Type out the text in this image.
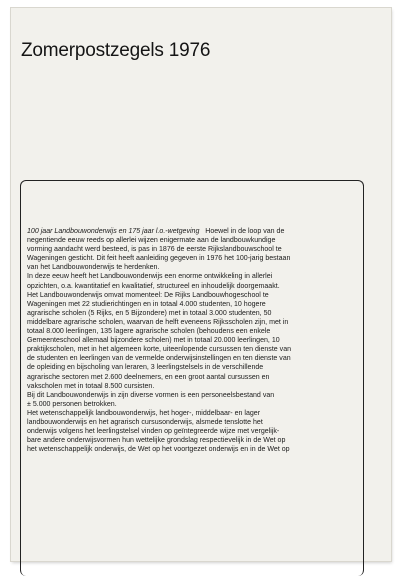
Zomerpostzegels 1976
100 jaar Landbouwonderwijs en 175 jaar l.o.-wetgeving   Hoewel in de loop van de
negentiende eeuw reeds op allerlei wijzen enigermate aan de landbouwkundige
vorming aandacht werd besteed, is pas in 1876 de eerste Rijkslandbouwschool te
Wageningen gesticht. Dit feit heeft aanleiding gegeven in 1976 het 100-jarig bestaan
van het Landbouwonderwijs te herdenken.
In deze eeuw heeft het Landbouwonderwijs een enorme ontwikkeling in allerlei
opzichten, o.a. kwantitatief en kwalitatief, structureel en inhoudelijk doorgemaakt.
Het Landbouwonderwijs omvat momenteel: De Rijks Landbouwhogeschool te
Wageningen met 22 studierichtingen en in totaal 4.000 studenten, 10 hogere
agrarische scholen (5 Rijks, en 5 Bijzondere) met in totaal 3.000 studenten, 50
middelbare agrarische scholen, waarvan de helft eveneens Rijksscholen zijn, met in
totaal 8.000 leerlingen, 135 lagere agrarische scholen (behoudens een enkele
Gemeenteschool allemaal bijzondere scholen) met in totaal 20.000 leerlingen, 10
praktijkscholen, met in het algemeen korte, uiteenlopende cursussen ten dienste van
de studenten en leerlingen van de vermelde onderwijsinstellingen en ten dienste van
de opleiding en bijscholing van leraren, 3 leerlingstelsels in de verschillende
agrarische sectoren met 2.600 deelnemers, en een groot aantal cursussen en
vakscholen met in totaal 8.500 cursisten.
Bij dit Landbouwonderwijs in zijn diverse vormen is een personeelsbestand van
± 5.000 personen betrokken.
Het wetenschappelijk landbouwonderwijs, het hoger-, middelbaar- en lager
landbouwonderwijs en het agrarisch cursusonderwijs, alsmede tenslotte het
onderwijs volgens het leerlingstelsel vinden op geïntegreerde wijze met vergelijk-
bare andere onderwijsvormen hun wettelijke grondslag respectievelijk in de Wet op
het wetenschappelijk onderwijs, de Wet op het voortgezet onderwijs en in de Wet op
